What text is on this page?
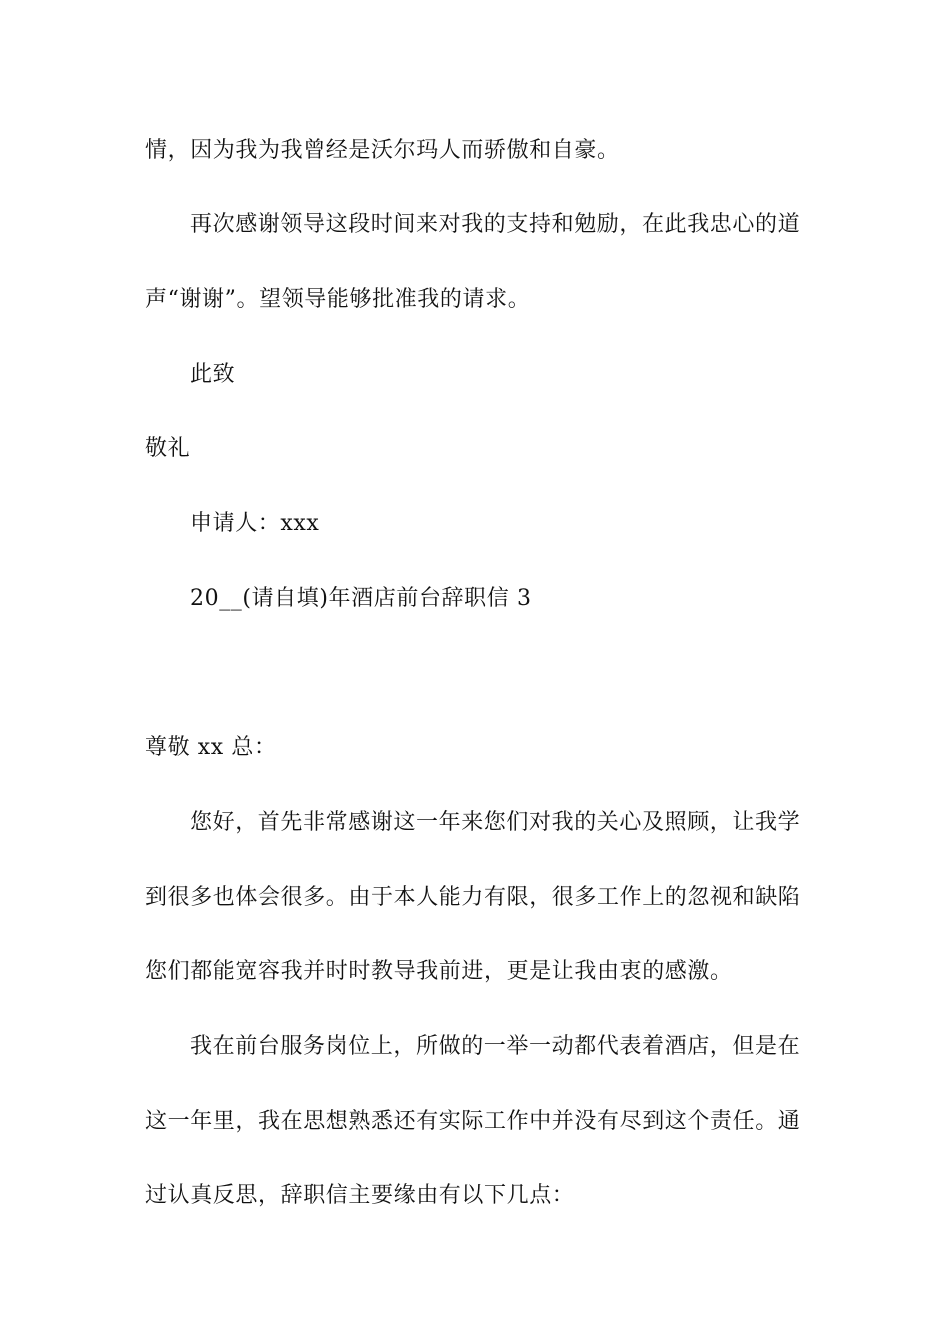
情，因为我为我曾经是沃尔玛人而骄傲和自豪。
再次感谢领导这段时间来对我的支持和勉励，在此我忠心的道
声“谢谢”。望领导能够批准我的请求。
此致
敬礼
申请人：xxx
20__(请自填)年酒店前台辞职信 3
尊敬 xx 总：
您好，首先非常感谢这一年来您们对我的关心及照顾，让我学
到很多也体会很多。由于本人能力有限，很多工作上的忽视和缺陷
您们都能宽容我并时时教导我前进，更是让我由衷的感激。
我在前台服务岗位上，所做的一举一动都代表着酒店，但是在
这一年里，我在思想熟悉还有实际工作中并没有尽到这个责任。通
过认真反思，辞职信主要缘由有以下几点：
